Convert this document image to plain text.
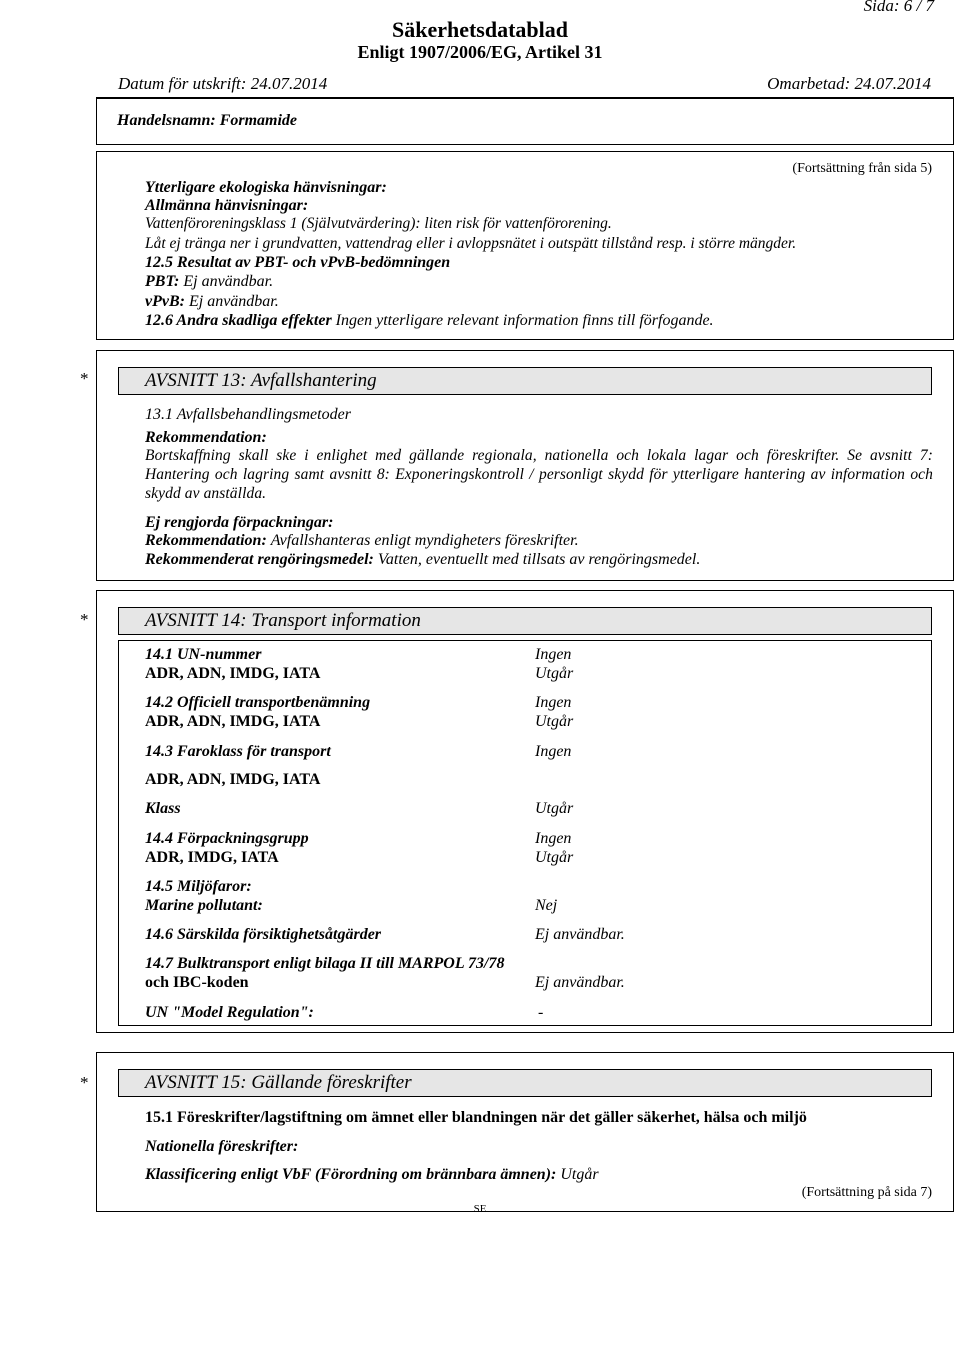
Sida: 6 / 7
Säkerhetsdatablad
Enligt 1907/2006/EG, Artikel 31
Datum för utskrift: 24.07.2014	Omarbetad: 24.07.2014
Handelsnamn: Formamide
(Fortsättning från sida 5)
Ytterligare ekologiska hänvisningar:
Allmänna hänvisningar:
Vattenföroreningsklass 1 (Självutvärdering): liten risk för vattenförorening.
Låt ej tränga ner i grundvatten, vattendrag eller i avloppsnätet i outspätt tillstånd resp. i större mängder.
12.5 Resultat av PBT- och vPvB-bedömningen
PBT: Ej användbar.
vPvB: Ej användbar.
12.6 Andra skadliga effekter Ingen ytterligare relevant information finns till förfogande.
*	AVSNITT 13: Avfallshantering
13.1 Avfallsbehandlingsmetoder
Rekommendation:
Bortskaffning skall ske i enlighet med gällande regionala, nationella och lokala lagar och föreskrifter. Se avsnitt 7: Hantering och lagring samt avsnitt 8: Exponeringskontroll / personligt skydd för ytterligare hantering av information och skydd av anställda.
Ej rengjorda förpackningar:
Rekommendation: Avfallshanteras enligt myndigheters föreskrifter.
Rekommenderat rengöringsmedel: Vatten, eventuellt med tillsats av rengöringsmedel.
*	AVSNITT 14: Transport information
14.1 UN-nummer	Ingen
ADR, ADN, IMDG, IATA	Utgår
14.2 Officiell transportbenämning	Ingen
ADR, ADN, IMDG, IATA	Utgår
14.3 Faroklass för transport	Ingen
ADR, ADN, IMDG, IATA
Klass	Utgår
14.4 Förpackningsgrupp	Ingen
ADR, IMDG, IATA	Utgår
14.5 Miljöfaror:
Marine pollutant:	Nej
14.6 Särskilda försiktighetsåtgärder	Ej användbar.
14.7 Bulktransport enligt bilaga II till MARPOL 73/78
och IBC-koden	Ej användbar.
UN "Model Regulation":	-
*	AVSNITT 15: Gällande föreskrifter
15.1 Föreskrifter/lagstiftning om ämnet eller blandningen när det gäller säkerhet, hälsa och miljö
Nationella föreskrifter:
Klassificering enligt VbF (Förordning om brännbara ämnen): Utgår
(Fortsättning på sida 7)
SE
